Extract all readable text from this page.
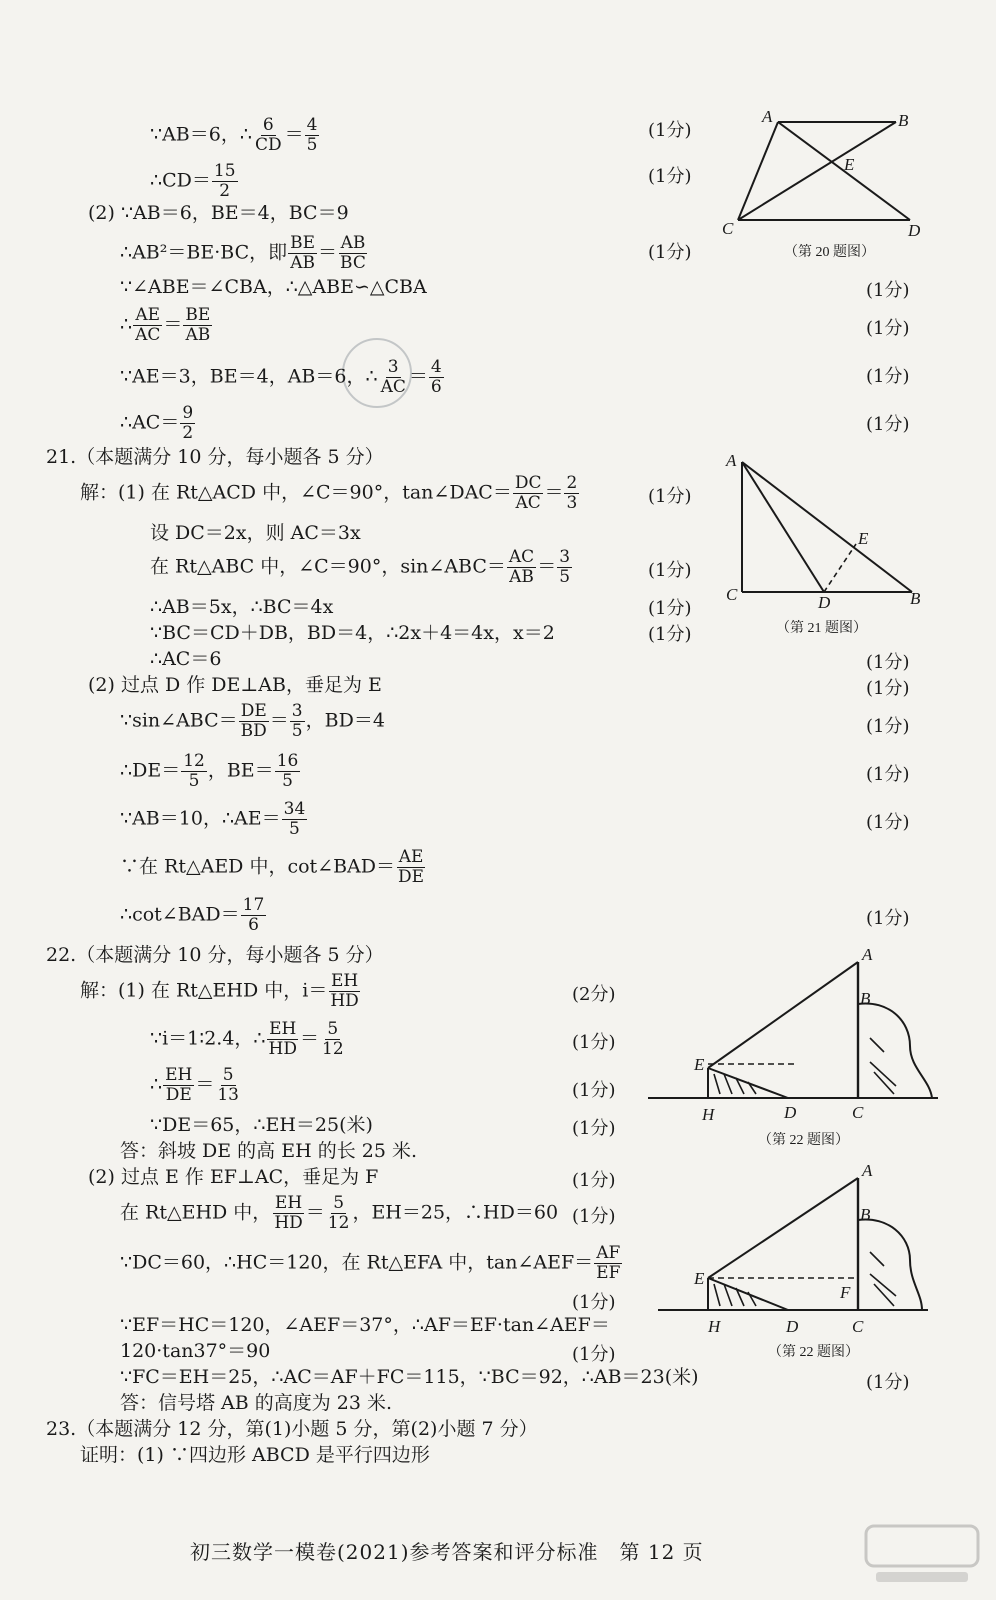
∵AB＝6，∴ $\frac{6}{CD} = \frac{4}{5}$	(1分)
∴CD＝ $\frac{15}{2}$	(1分)
(2) ∵AB＝6，BE＝4，BC＝9
∴AB²＝BE·BC，即 $\frac{BE}{AB} = \frac{AB}{BC}$	(1分)
∵∠ABE＝∠CBA，∴△ABE∽△CBA	(1分)
∴ $\frac{AE}{AC} = \frac{BE}{AB}$	(1分)
∵AE＝3，BE＝4，AB＝6，∴ $\frac{3}{AC} = \frac{4}{6}$	(1分)
∴AC＝ $\frac{9}{2}$	(1分)
A	B
E
C	D
（第 20 题图）
21.（本题满分 10 分，每小题各 5 分）
解：(1) 在 Rt△ACD 中，∠C＝90°，tan∠DAC＝ $\frac{DC}{AC} = \frac{2}{3}$	(1分)
设 DC＝2x，则 AC＝3x
在 Rt△ABC 中，∠C＝90°，sin∠ABC＝ $\frac{AC}{AB} = \frac{3}{5}$	(1分)
∴AB＝5x，∴BC＝4x	(1分)
∵BC＝CD＋DB，BD＝4，∴2x＋4＝4x，x＝2	(1分)
∴AC＝6	(1分)
(2) 过点 D 作 DE⊥AB，垂足为 E	(1分)
∵sin∠ABC＝ $\frac{DE}{BD} = \frac{3}{5}$ ，BD＝4	(1分)
∴DE＝ $\frac{12}{5}$ ，$BE= \frac{16}{5}$	(1分)
∵AB＝10，∴AE＝ $\frac{34}{5}$	(1分)
∵在 Rt△AED 中，cot∠BAD＝ $\frac{AE}{DE}$
∴cot∠BAD＝ $\frac{17}{6}$	(1分)
A
E
C	D	B
（第 21 题图）
22.（本题满分 10 分，每小题各 5 分）
解：(1) 在 Rt△EHD 中，$i= \frac{EH}{HD}$	(2分)
∵i＝1∶2.4，∴ $\frac{EH}{HD} = \frac{5}{12}$	(1分)
∴ $\frac{EH}{DE} = \frac{5}{13}$	(1分)
∵DE＝65，∴EH＝25(米)	(1分)
答：斜坡 DE 的高 EH 的长 25 米.
(2) 过点 E 作 EF⊥AC，垂足为 F	(1分)
在 Rt△EHD 中， $\frac{EH}{HD} = \frac{5}{12}$ ，EH＝25，∴HD＝60 (1分)
∵DC＝60，∴HC＝120，在 Rt△EFA 中，tan∠AEF＝ $\frac{AF}{EF}$
(1分)
∵EF＝HC＝120，∠AEF＝37°，∴AF＝EF·tan∠AEF＝
120·tan37°＝90	(1分)
∵FC＝EH＝25，∴AC＝AF＋FC＝115，∵BC＝92，∴AB＝23(米)	(1分)
答：信号塔 AB 的高度为 23 米.
A
B
E
H	D	C
（第 22 题图）
A
B
E
F
H	D	C
（第 22 题图）
23.（本题满分 12 分，第(1)小题 5 分，第(2)小题 7 分）
证明：(1) ∵四边形 ABCD 是平行四边形
初三数学一模卷(2021)参考答案和评分标准　第 12 页
